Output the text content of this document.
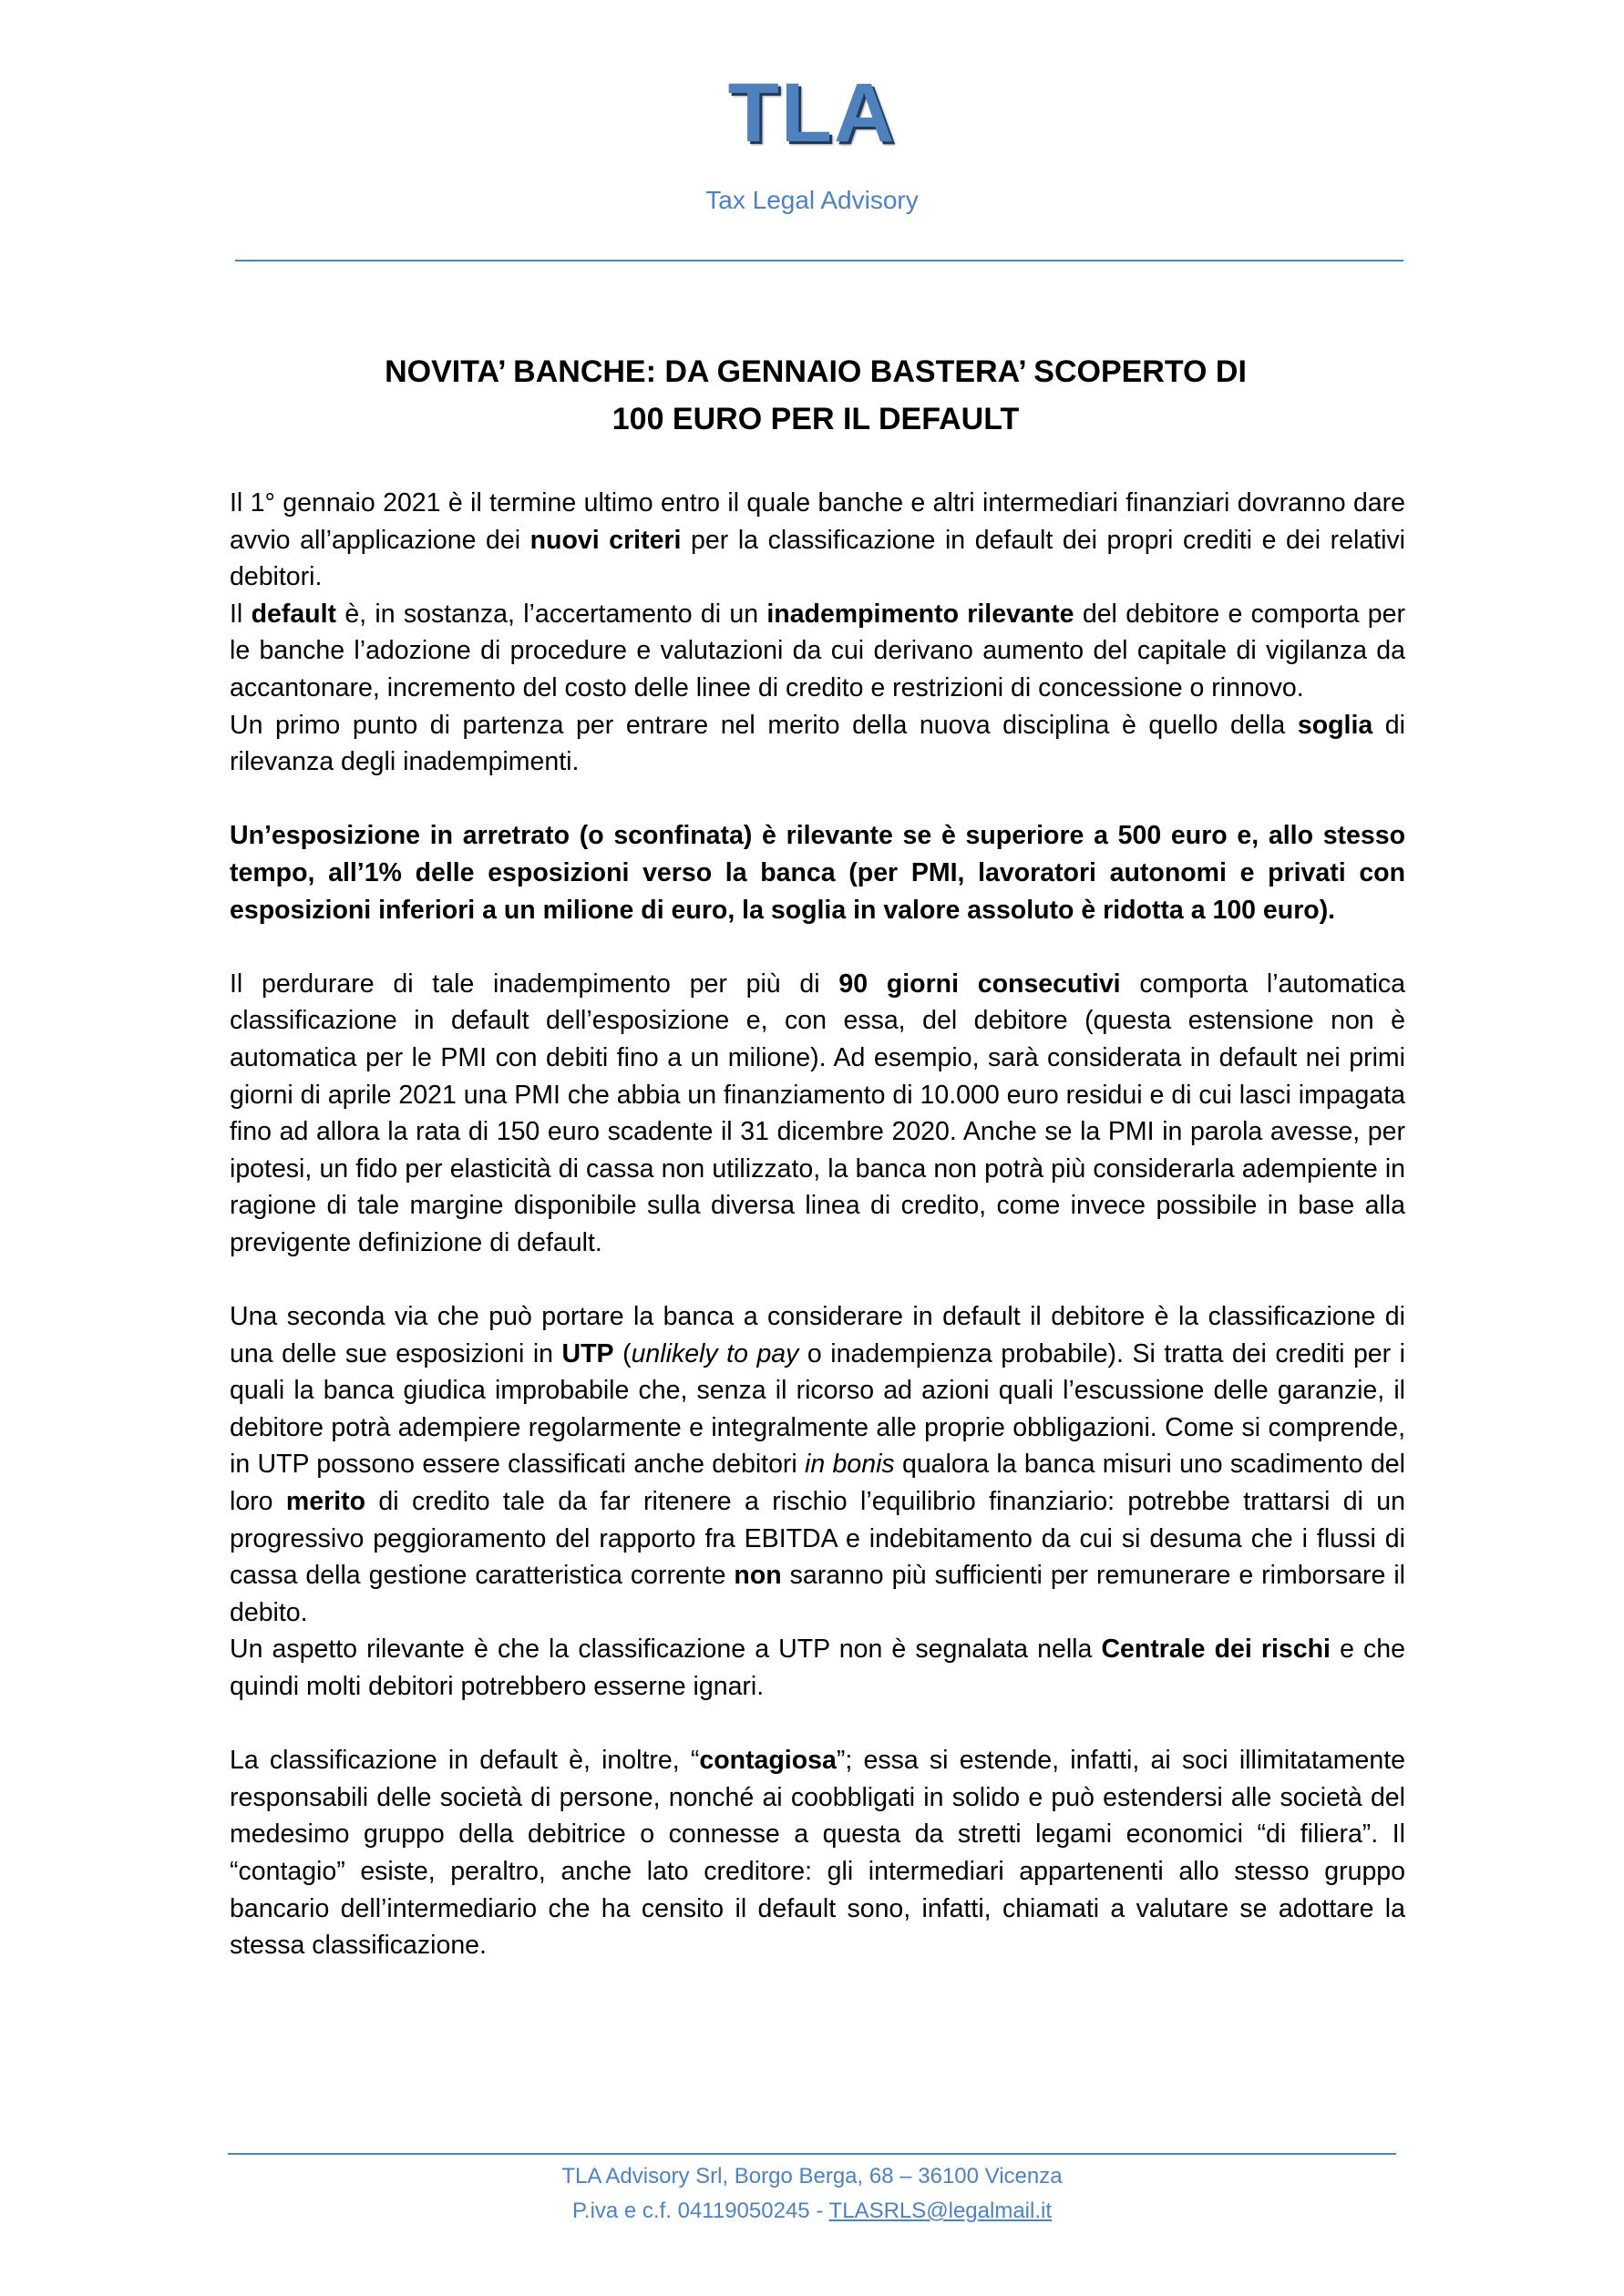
TLA
Tax Legal Advisory
NOVITA’ BANCHE: DA GENNAIO BASTERA’ SCOPERTO DI
100 EURO PER IL DEFAULT

Il 1° gennaio 2021 è il termine ultimo entro il quale banche e altri intermediari finanziari dovranno dare avvio all’applicazione dei nuovi criteri per la classificazione in default dei propri crediti e dei relativi debitori.

Il default è, in sostanza, l’accertamento di un inadempimento rilevante del debitore e comporta per le banche l’adozione di procedure e valutazioni da cui derivano aumento del capitale di vigilanza da accantonare, incremento del costo delle linee di credito e restrizioni di concessione o rinnovo.

Un primo punto di partenza per entrare nel merito della nuova disciplina è quello della soglia di rilevanza degli inadempimenti.

Un’esposizione in arretrato (o sconfinata) è rilevante se è superiore a 500 euro e, allo stesso tempo, all’1% delle esposizioni verso la banca (per PMI, lavoratori autonomi e privati con esposizioni inferiori a un milione di euro, la soglia in valore assoluto è ridotta a 100 euro).

Il perdurare di tale inadempimento per più di 90 giorni consecutivi comporta l’automatica classificazione in default dell’esposizione e, con essa, del debitore (questa estensione non è automatica per le PMI con debiti fino a un milione). Ad esempio, sarà considerata in default nei primi giorni di aprile 2021 una PMI che abbia un finanziamento di 10.000 euro residui e di cui lasci impagata fino ad allora la rata di 150 euro scadente il 31 dicembre 2020. Anche se la PMI in parola avesse, per ipotesi, un fido per elasticità di cassa non utilizzato, la banca non potrà più considerarla adempiente in ragione di tale margine disponibile sulla diversa linea di credito, come invece possibile in base alla previgente definizione di default.

Una seconda via che può portare la banca a considerare in default il debitore è la classificazione di una delle sue esposizioni in UTP (unlikely to pay o inadempienza probabile). Si tratta dei crediti per i quali la banca giudica improbabile che, senza il ricorso ad azioni quali l’escussione delle garanzie, il debitore potrà adempiere regolarmente e integralmente alle proprie obbligazioni. Come si comprende, in UTP possono essere classificati anche debitori in bonis qualora la banca misuri uno scadimento del loro merito di credito tale da far ritenere a rischio l’equilibrio finanziario: potrebbe trattarsi di un progressivo peggioramento del rapporto fra EBITDA e indebitamento da cui si desuma che i flussi di cassa della gestione caratteristica corrente non saranno più sufficienti per remunerare e rimborsare il debito.

Un aspetto rilevante è che la classificazione a UTP non è segnalata nella Centrale dei rischi e che quindi molti debitori potrebbero esserne ignari.

La classificazione in default è, inoltre, “contagiosa”; essa si estende, infatti, ai soci illimitatamente responsabili delle società di persone, nonché ai coobbligati in solido e può estendersi alle società del medesimo gruppo della debitrice o connesse a questa da stretti legami economici “di filiera”. Il “contagio” esiste, peraltro, anche lato creditore: gli intermediari appartenenti allo stesso gruppo bancario dell’intermediario che ha censito il default sono, infatti, chiamati a valutare se adottare la stessa classificazione.

TLA Advisory Srl, Borgo Berga, 68 – 36100 Vicenza
P.iva e c.f. 04119050245 - TLASRLS@legalmail.it
